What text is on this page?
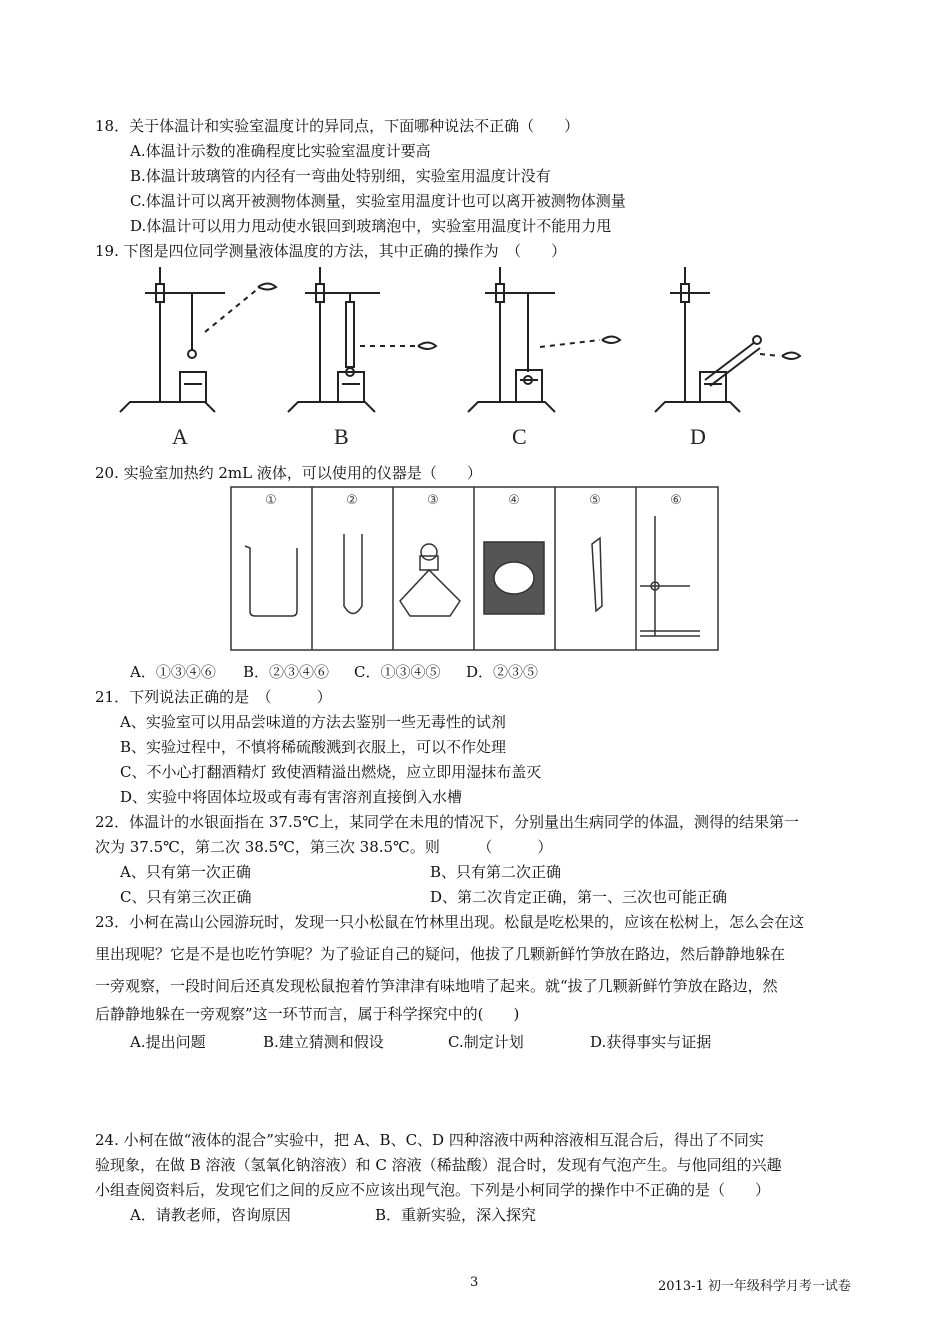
18．关于体温计和实验室温度计的异同点，下面哪种说法不正确（　　）
A.体温计示数的准确程度比实验室温度计要高
B.体温计玻璃管的内径有一弯曲处特别细，实验室用温度计没有
C.体温计可以离开被测物体测量，实验室用温度计也可以离开被测物体测量
D.体温计可以用力甩动使水银回到玻璃泡中，实验室用温度计不能用力甩
19. 下图是四位同学测量液体温度的方法，其中正确的操作为　（　　）
A	B	C	D
20. 实验室加热约 2mL 液体，可以使用的仪器是（　　）
①	②	③	④	⑤	⑥
A．①③④⑥ B．②③④⑥ C．①③④⑤ D．②③⑤
21．下列说法正确的是　（　　　）
A、实验室可以用品尝味道的方法去鉴别一些无毒性的试剂
B、实验过程中，不慎将稀硫酸溅到衣服上，可以不作处理
C、不小心打翻酒精灯 致使酒精溢出燃烧，应立即用湿抹布盖灭
D、实验中将固体垃圾或有毒有害溶剂直接倒入水槽
22．体温计的水银面指在 37.5℃上，某同学在未甩的情况下，分别量出生病同学的体温，测得的结果第一
次为 37.5℃，第二次 38.5℃，第三次 38.5℃。则　　　（　　　）
A、只有第一次正确	B、只有第二次正确
C、只有第三次正确	D、第二次肯定正确，第一、三次也可能正确
23．小柯在嵩山公园游玩时，发现一只小松鼠在竹林里出现。松鼠是吃松果的，应该在松树上，怎么会在这
里出现呢？它是不是也吃竹笋呢？为了验证自己的疑问，他拔了几颗新鲜竹笋放在路边，然后静静地躲在
一旁观察，一段时间后还真发现松鼠抱着竹笋津津有味地啃了起来。就“拔了几颗新鲜竹笋放在路边，然
后静静地躲在一旁观察”这一环节而言，属于科学探究中的(　　)
A.提出问题	B.建立猜测和假设	C.制定计划	D.获得事实与证据
24. 小柯在做“液体的混合”实验中，把 A、B、C、D 四种溶液中两种溶液相互混合后，得出了不同实
验现象，在做 B 溶液（氢氧化钠溶液）和 C 溶液（稀盐酸）混合时，发现有气泡产生。与他同组的兴趣
小组查阅资料后，发现它们之间的反应不应该出现气泡。下列是小柯同学的操作中不正确的是（　　）
A．请教老师，咨询原因	B．重新实验，深入探究
3	2013-1 初一年级科学月考一试卷
